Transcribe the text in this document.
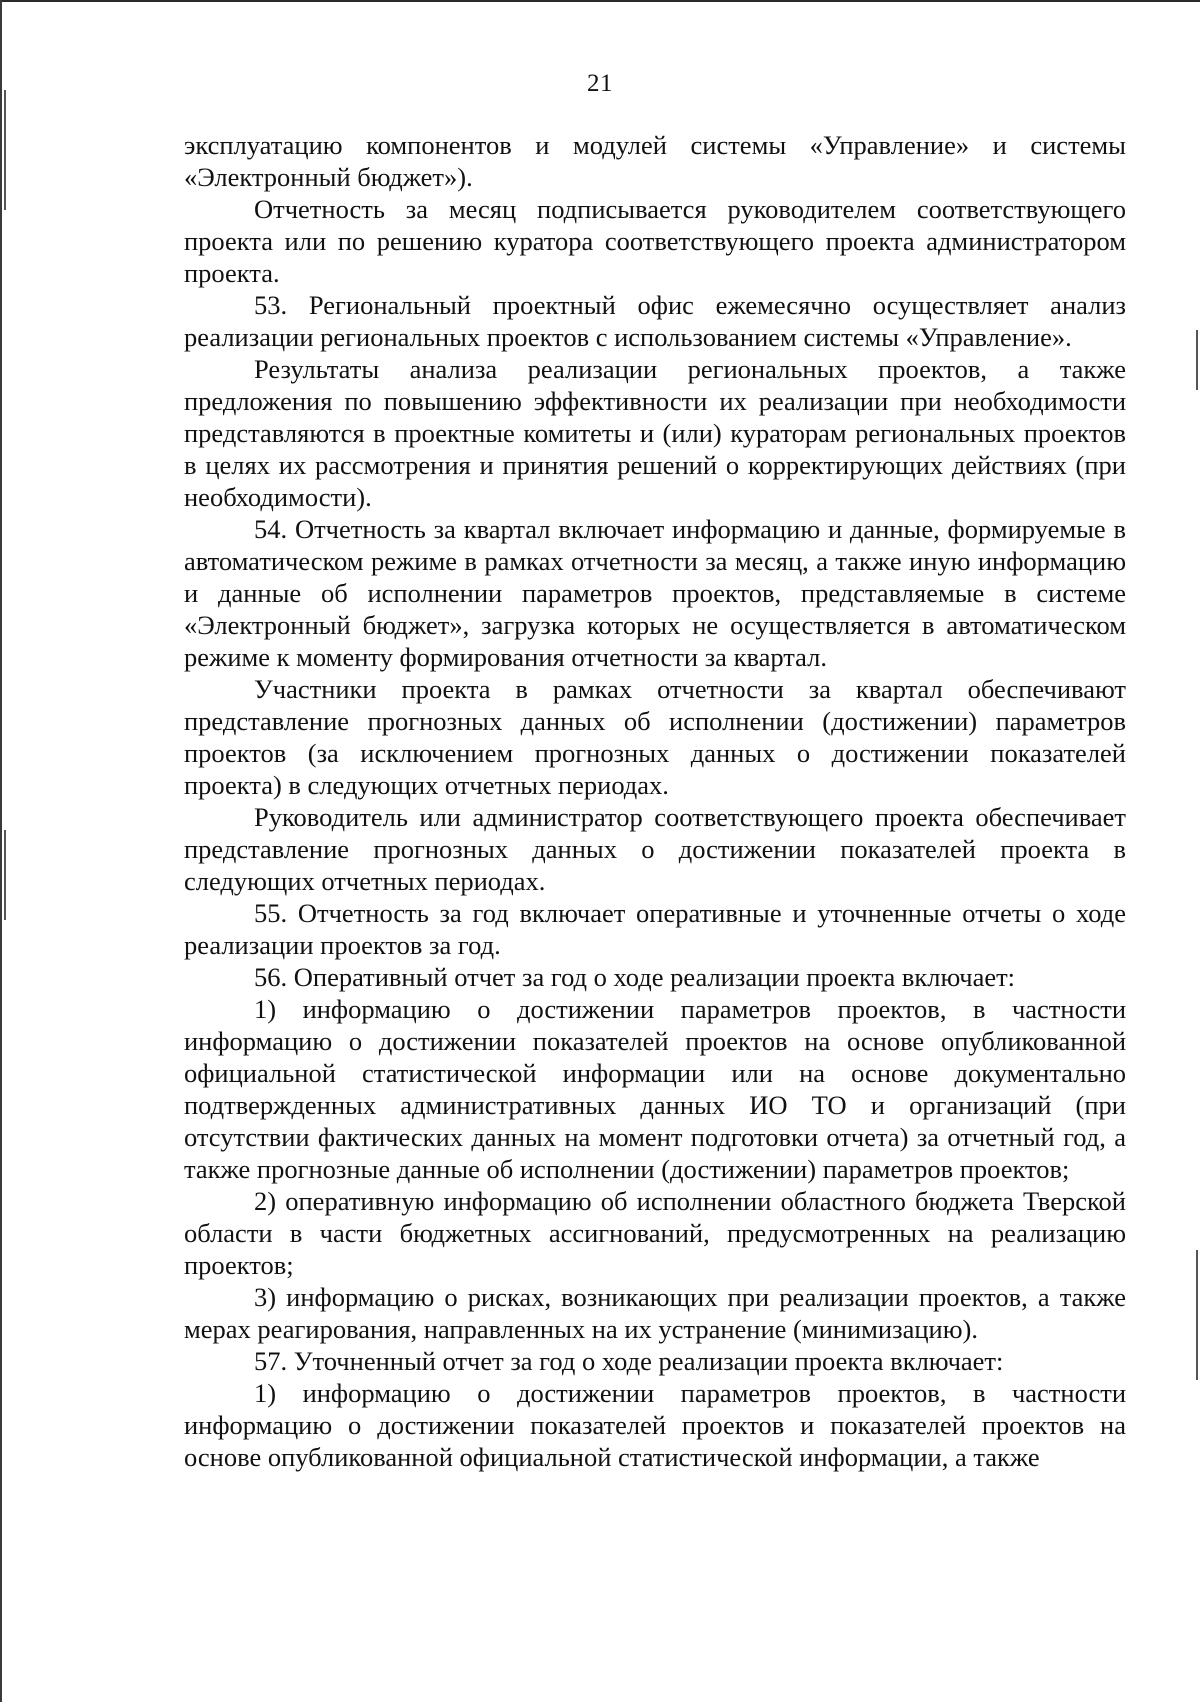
21

эксплуатацию компонентов и модулей системы «Управление» и системы «Электронный бюджет»).

Отчетность за месяц подписывается руководителем соответствующего проекта или по решению куратора соответствующего проекта администратором проекта.

53. Региональный проектный офис ежемесячно осуществляет анализ реализации региональных проектов с использованием системы «Управление».

Результаты анализа реализации региональных проектов, а также предложения по повышению эффективности их реализации при необходимости представляются в проектные комитеты и (или) кураторам региональных проектов в целях их рассмотрения и принятия решений о корректирующих действиях (при необходимости).

54. Отчетность за квартал включает информацию и данные, формируемые в автоматическом режиме в рамках отчетности за месяц, а также иную информацию и данные об исполнении параметров проектов, представляемые в системе «Электронный бюджет», загрузка которых не осуществляется в автоматическом режиме к моменту формирования отчетности за квартал.

Участники проекта в рамках отчетности за квартал обеспечивают представление прогнозных данных об исполнении (достижении) параметров проектов (за исключением прогнозных данных о достижении показателей проекта) в следующих отчетных периодах.

Руководитель или администратор соответствующего проекта обеспечивает представление прогнозных данных о достижении показателей проекта в следующих отчетных периодах.

55. Отчетность за год включает оперативные и уточненные отчеты о ходе реализации проектов за год.

56. Оперативный отчет за год о ходе реализации проекта включает:

1) информацию о достижении параметров проектов, в частности информацию о достижении показателей проектов на основе опубликованной официальной статистической информации или на основе документально подтвержденных административных данных ИО ТО и организаций (при отсутствии фактических данных на момент подготовки отчета) за отчетный год, а также прогнозные данные об исполнении (достижении) параметров проектов;

2) оперативную информацию об исполнении областного бюджета Тверской области в части бюджетных ассигнований, предусмотренных на реализацию проектов;

3) информацию о рисках, возникающих при реализации проектов, а также мерах реагирования, направленных на их устранение (минимизацию).

57. Уточненный отчет за год о ходе реализации проекта включает:

1) информацию о достижении параметров проектов, в частности информацию о достижении показателей проектов и показателей проектов на основе опубликованной официальной статистической информации, а также
